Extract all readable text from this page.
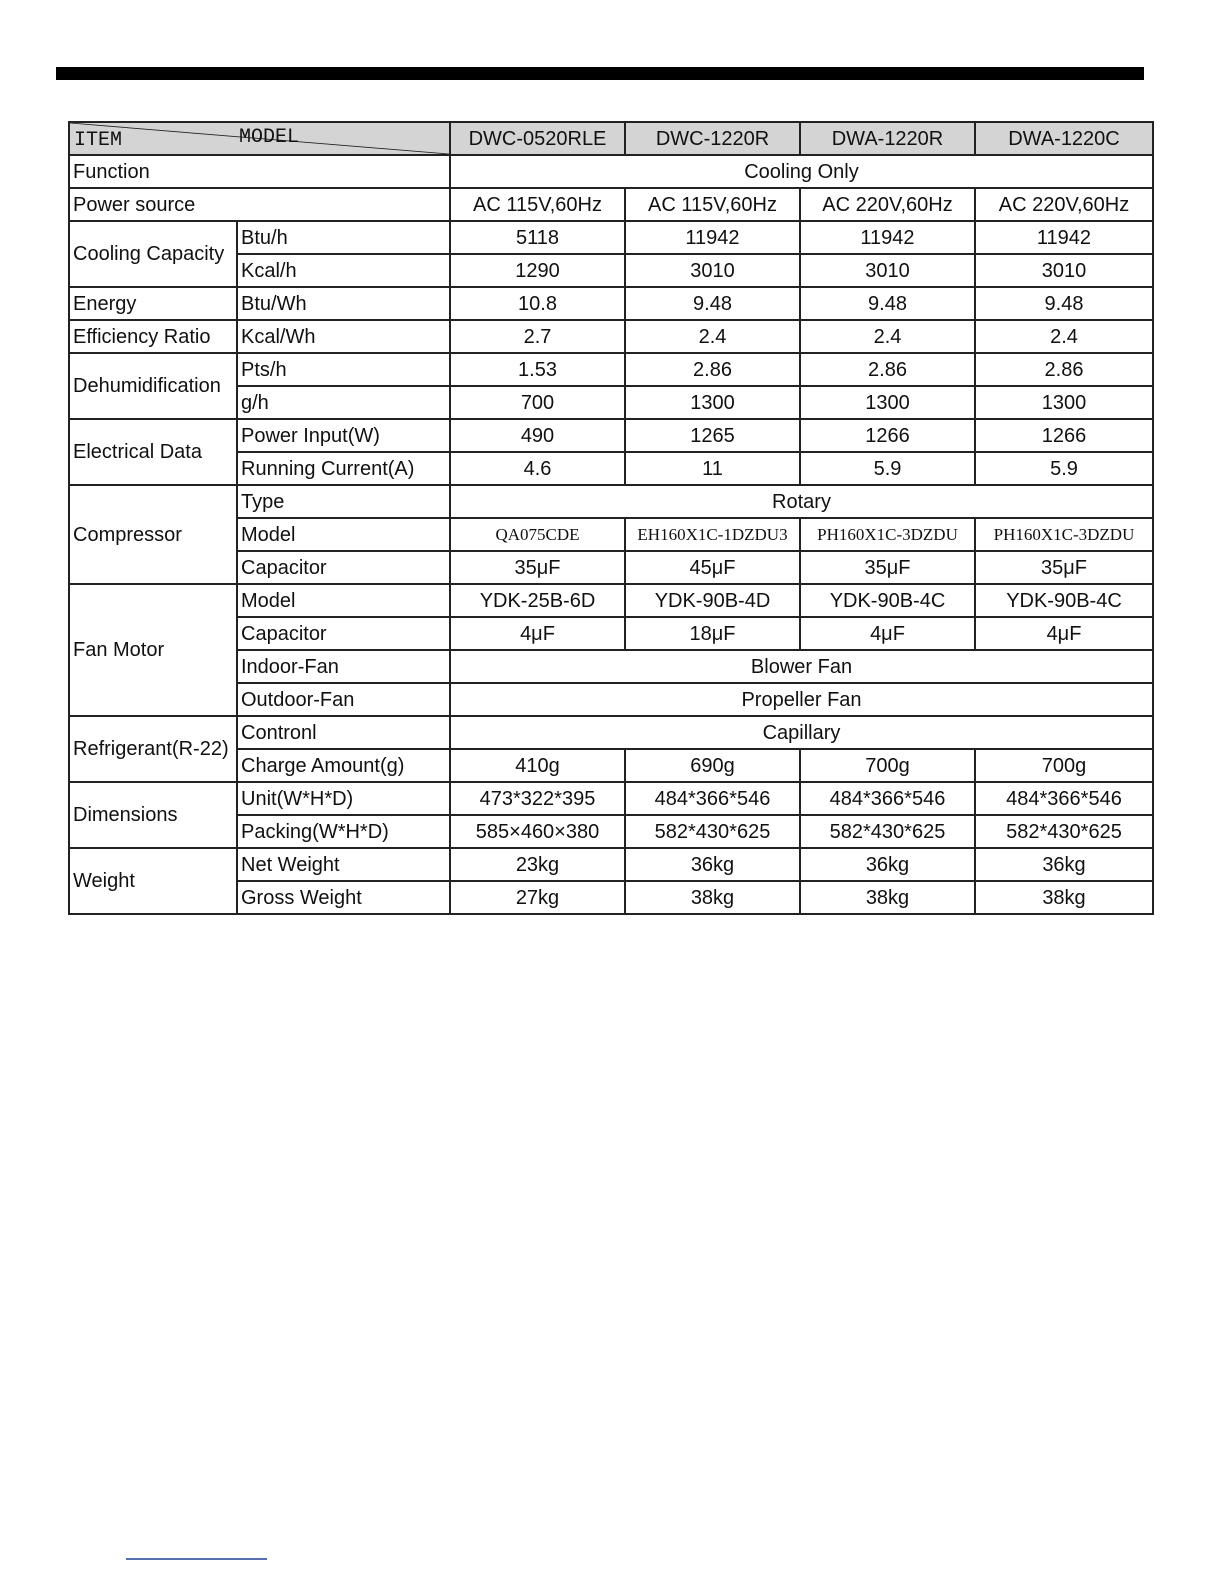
MODEL
ITEM		DWC-0520RLE	DWC-1220R	DWA-1220R	DWA-1220C
Function		Cooling Only			
Power source		AC 115V,60Hz	AC 115V,60Hz	AC 220V,60Hz	AC 220V,60Hz
Cooling Capacity	Btu/h	5118	11942	11942	11942
	Kcal/h	1290	3010	3010	3010
Energy	Btu/Wh	10.8	9.48	9.48	9.48
Efficiency Ratio	Kcal/Wh	2.7	2.4	2.4	2.4
Dehumidification	Pts/h	1.53	2.86	2.86	2.86
	g/h	700	1300	1300	1300
Electrical Data	Power Input(W)	490	1265	1266	1266
	Running Current(A)	4.6	11	5.9	5.9
Compressor	Type	Rotary			
	Model	QA075CDE	EH160X1C-1DZDU3	PH160X1C-3DZDU	PH160X1C-3DZDU
	Capacitor	35μF	45μF	35μF	35μF
Fan Motor	Model	YDK-25B-6D	YDK-90B-4D	YDK-90B-4C	YDK-90B-4C
	Capacitor	4μF	18μF	4μF	4μF
	Indoor-Fan	Blower Fan			
	Outdoor-Fan	Propeller Fan			
Refrigerant(R-22)	Contronl	Capillary			
	Charge Amount(g)	410g	690g	700g	700g
Dimensions	Unit(W*H*D)	473*322*395	484*366*546	484*366*546	484*366*546
	Packing(W*H*D)	585×460×380	582*430*625	582*430*625	582*430*625
Weight	Net Weight	23kg	36kg	36kg	36kg
	Gross Weight	27kg	38kg	38kg	38kg
